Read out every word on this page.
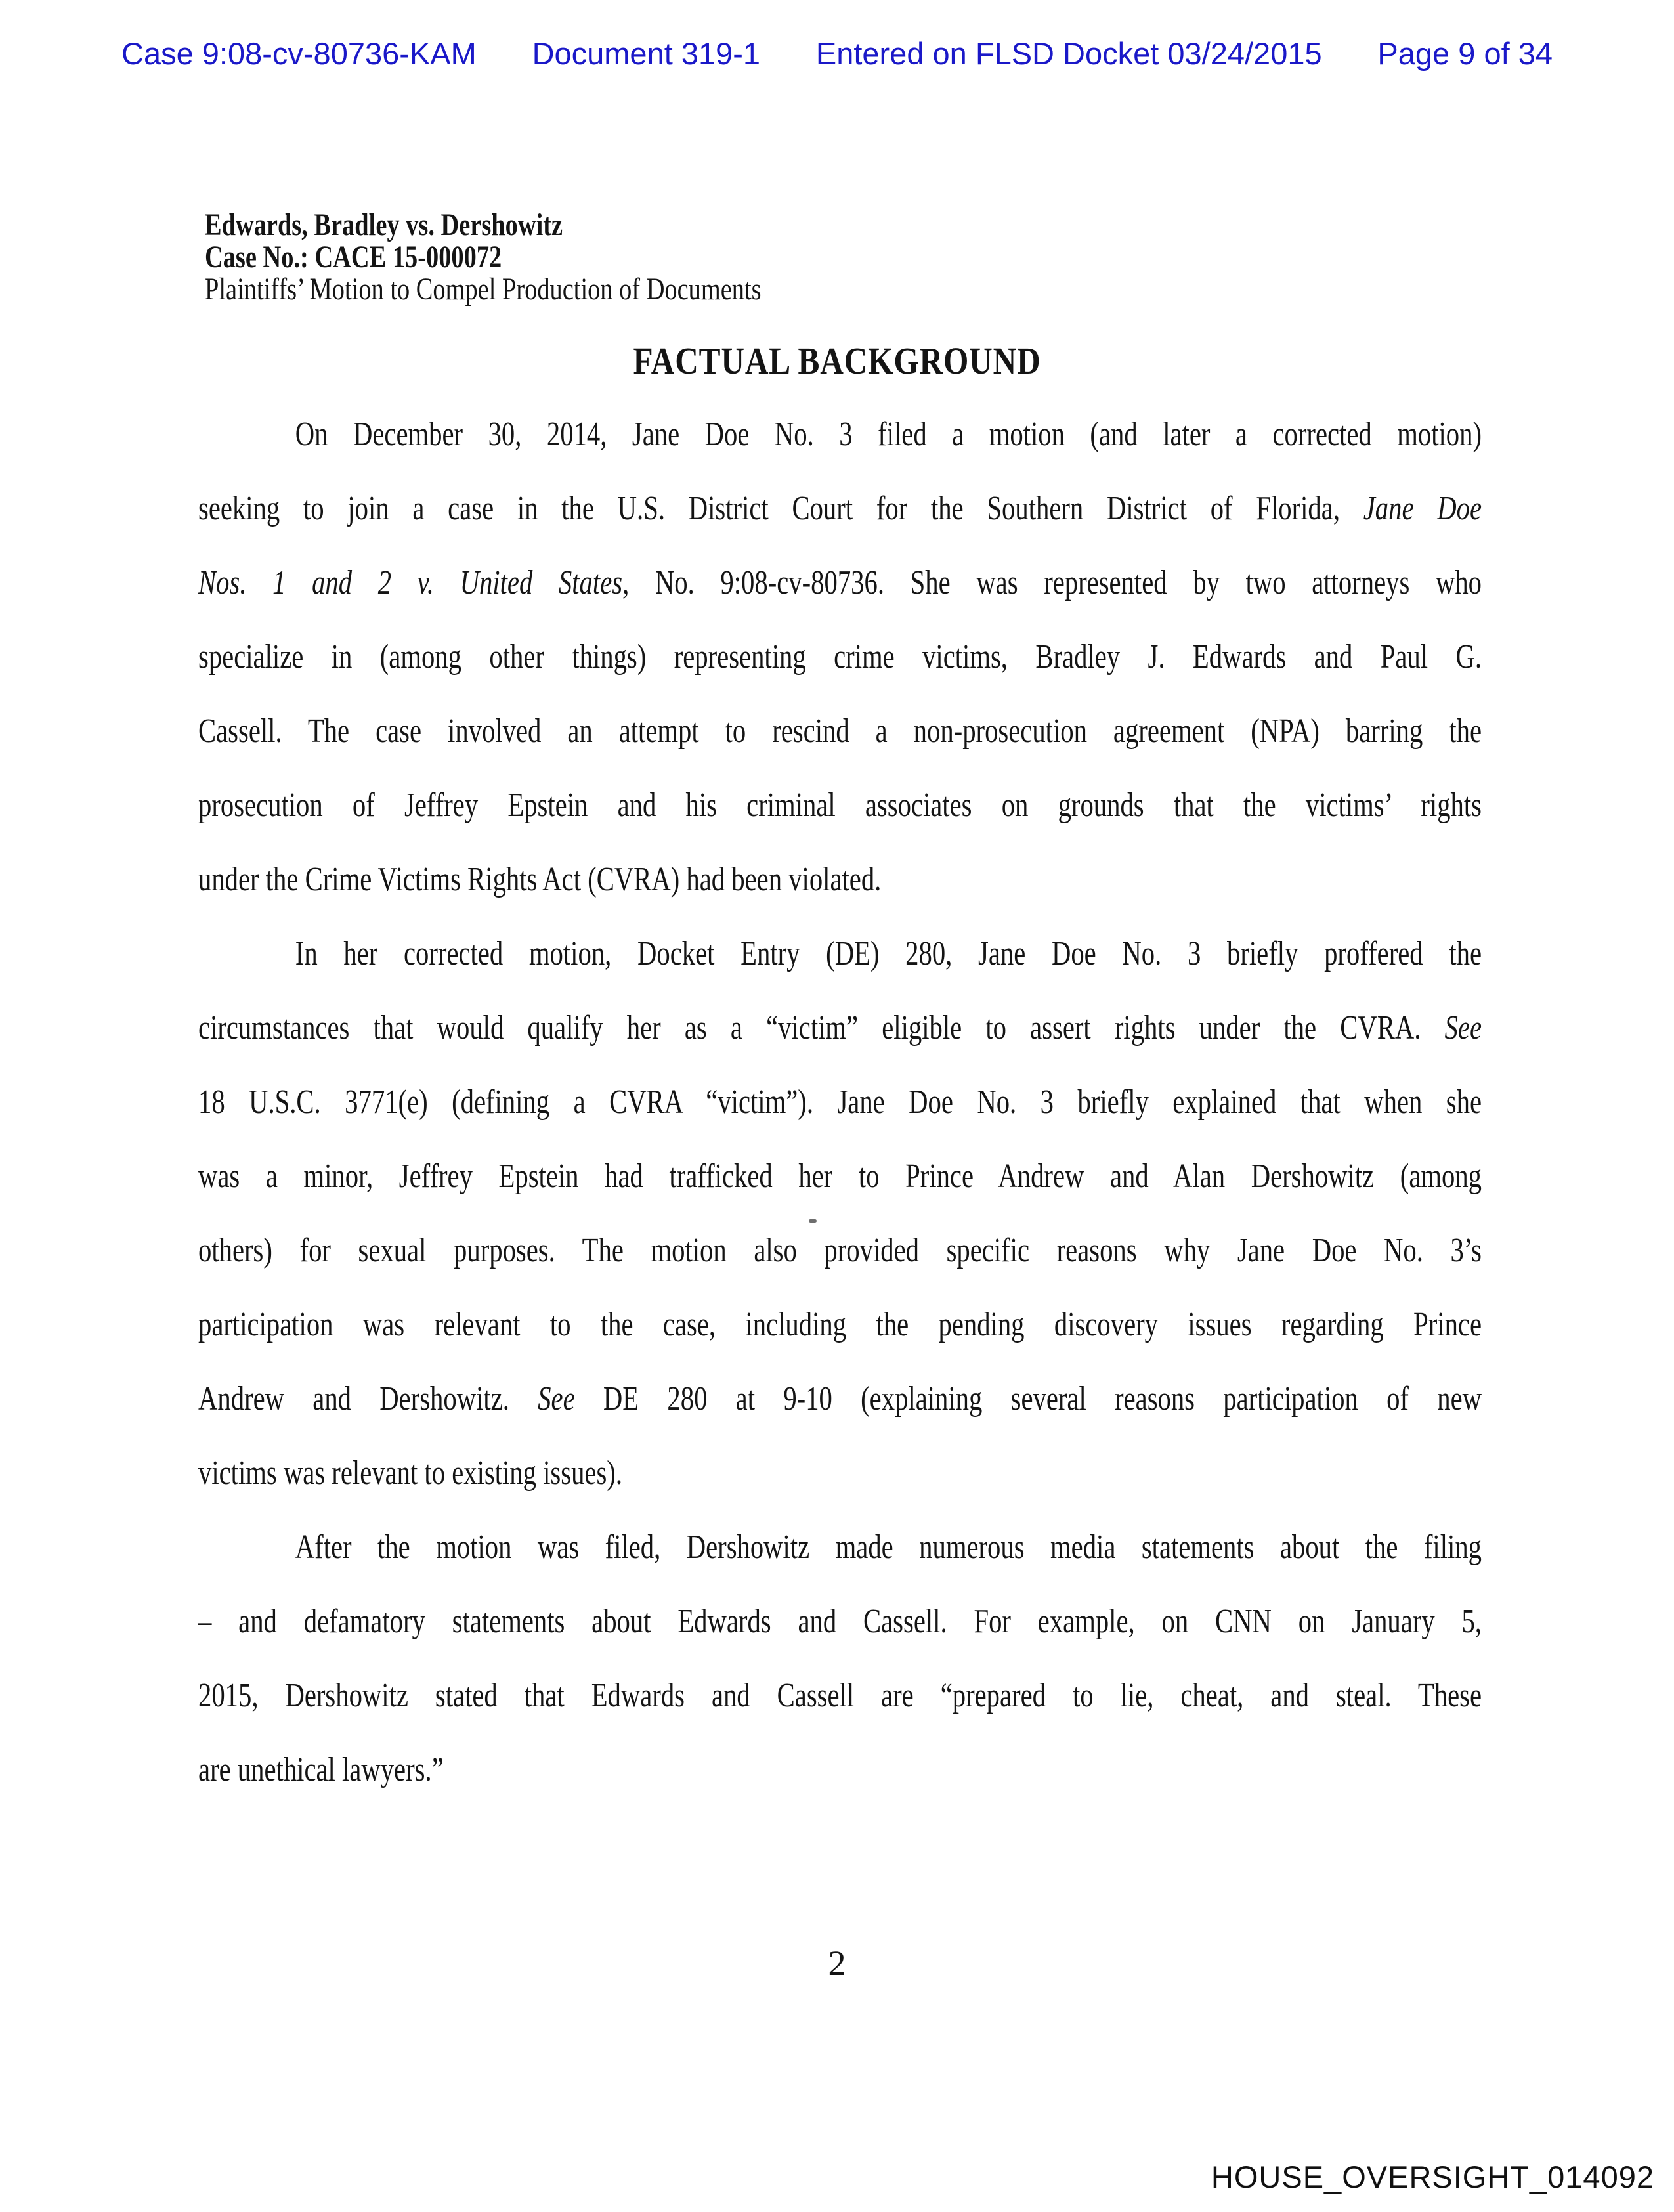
Case 9:08-cv-80736-KAM Document 319-1 Entered on FLSD Docket 03/24/2015 Page 9 of 34
Edwards, Bradley vs. Dershowitz
Case No.: CACE 15-000072
Plaintiffs’ Motion to Compel Production of Documents
FACTUAL BACKGROUND
On December 30, 2014, Jane Doe No. 3 filed a motion (and later a corrected motion)
seeking to join a case in the U.S. District Court for the Southern District of Florida, Jane Doe
Nos. 1 and 2 v. United States, No. 9:08-cv-80736. She was represented by two attorneys who
specialize in (among other things) representing crime victims, Bradley J. Edwards and Paul G.
Cassell. The case involved an attempt to rescind a non-prosecution agreement (NPA) barring the
prosecution of Jeffrey Epstein and his criminal associates on grounds that the victims’ rights
under the Crime Victims Rights Act (CVRA) had been violated.
In her corrected motion, Docket Entry (DE) 280, Jane Doe No. 3 briefly proffered the
circumstances that would qualify her as a “victim” eligible to assert rights under the CVRA. See
18 U.S.C. 3771(e) (defining a CVRA “victim”). Jane Doe No. 3 briefly explained that when she
was a minor, Jeffrey Epstein had trafficked her to Prince Andrew and Alan Dershowitz (among
others) for sexual purposes. The motion also provided specific reasons why Jane Doe No. 3’s
participation was relevant to the case, including the pending discovery issues regarding Prince
Andrew and Dershowitz. See DE 280 at 9-10 (explaining several reasons participation of new
victims was relevant to existing issues).
After the motion was filed, Dershowitz made numerous media statements about the filing
– and defamatory statements about Edwards and Cassell. For example, on CNN on January 5,
2015, Dershowitz stated that Edwards and Cassell are “prepared to lie, cheat, and steal. These
are unethical lawyers.”
2
HOUSE_OVERSIGHT_014092
